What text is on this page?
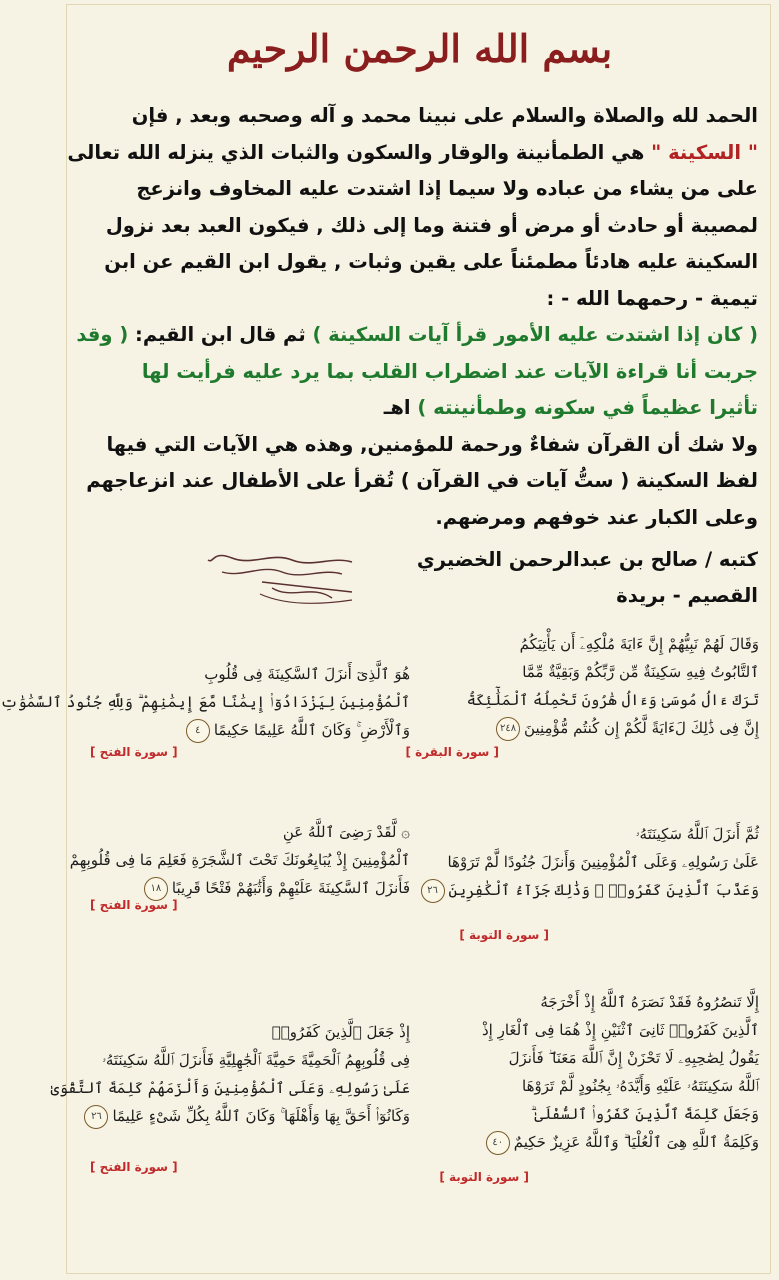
بسم الله الرحمن الرحيم
الحمد لله والصلاة والسلام على نبينا محمد و آله وصحبه وبعد , فإن
" السكينة " هي الطمأنينة والوقار والسكون والثبات الذي ينزله الله تعالى
على من يشاء من عباده ولا سيما إذا اشتدت عليه المخاوف وانزعج
لمصيبة أو حادث أو مرض أو فتنة وما إلى ذلك , فيكون العبد بعد نزول
السكينة عليه هادئاً مطمئناً على يقين وثبات , يقول ابن القيم عن ابن
تيمية - رحمهما الله - :
( كان إذا اشتدت عليه الأمور قرأ آيات السكينة ) ثم قال ابن القيم: ( وقد
جربت أنا قراءة الآيات عند اضطراب القلب بما يرد عليه فرأيت لها
تأثيرا عظيماً في سكونه وطمأنينته ) اهـ
ولا شك أن القرآن شفاءٌ ورحمة للمؤمنين, وهذه هي الآيات التي فيها
لفظ السكينة ( ستُّ آيات في القرآن ) تُقرأ على الأطفال عند انزعاجهم
وعلى الكبار عند خوفهم ومرضهم.
كتبه / صالح بن عبدالرحمن الخضيري
القصيم - بريدة
وَقَالَ لَهُمْ نَبِيُّهُمْ إِنَّ ءَايَةَ مُلْكِهِۦٓ أَن يَأْتِيَكُمُ
ٱلتَّابُوتُ فِيهِ سَكِينَةٌ مِّن رَّبِّكُمْ وَبَقِيَّةٌ مِّمَّا
تَرَكَ ءَالُ مُوسَىٰ وَءَالُ هَٰرُونَ تَحْمِلُهُ ٱلْمَلَٰٓئِكَةُ
إِنَّ فِى ذَٰلِكَ لَءَايَةً لَّكُمْ إِن كُنتُم مُّؤْمِنِينَ٢٤٨
[ سورة البقرة ]
هُوَ ٱلَّذِىٓ أَنزَلَ ٱلسَّكِينَةَ فِى قُلُوبِ
ٱلْمُؤْمِنِينَ لِيَزْدَادُوٓا۟ إِيمَٰنًا مَّعَ إِيمَٰنِهِمْ ۗ وَلِلَّهِ جُنُودُ ٱلسَّمَٰوَٰتِ
وَٱلْأَرْضِ ۚ وَكَانَ ٱللَّهُ عَلِيمًا حَكِيمًا٤
[ سورة الفتح ]
ثُمَّ أَنزَلَ ٱللَّهُ سَكِينَتَهُۥ
عَلَىٰ رَسُولِهِۦ وَعَلَى ٱلْمُؤْمِنِينَ وَأَنزَلَ جُنُودًا لَّمْ تَرَوْهَا
وَعَذَّبَ ٱلَّذِينَ كَفَرُوا۟ ۚ وَذَٰلِكَ جَزَآءُ ٱلْكَٰفِرِينَ٢٦
[ سورة التوبة ]
۞ لَّقَدْ رَضِىَ ٱللَّهُ عَنِ
ٱلْمُؤْمِنِينَ إِذْ يُبَايِعُونَكَ تَحْتَ ٱلشَّجَرَةِ فَعَلِمَ مَا فِى قُلُوبِهِمْ
فَأَنزَلَ ٱلسَّكِينَةَ عَلَيْهِمْ وَأَثَٰبَهُمْ فَتْحًا قَرِيبًا١٨
[ سورة الفتح ]
إِلَّا تَنصُرُوهُ فَقَدْ نَصَرَهُ ٱللَّهُ إِذْ أَخْرَجَهُ
ٱلَّذِينَ كَفَرُوا۟ ثَانِىَ ٱثْنَيْنِ إِذْ هُمَا فِى ٱلْغَارِ إِذْ
يَقُولُ لِصَٰحِبِهِۦ لَا تَحْزَنْ إِنَّ ٱللَّهَ مَعَنَا ۖ فَأَنزَلَ
ٱللَّهُ سَكِينَتَهُۥ عَلَيْهِ وَأَيَّدَهُۥ بِجُنُودٍ لَّمْ تَرَوْهَا
وَجَعَلَ كَلِمَةَ ٱلَّذِينَ كَفَرُوا۟ ٱلسُّفْلَىٰ ۗ
وَكَلِمَةُ ٱللَّهِ هِىَ ٱلْعُلْيَا ۗ وَٱللَّهُ عَزِيزٌ حَكِيمٌ٤٠
[ سورة التوبة ]
إِذْ جَعَلَ ٱلَّذِينَ كَفَرُوا۟
فِى قُلُوبِهِمُ ٱلْحَمِيَّةَ حَمِيَّةَ ٱلْجَٰهِلِيَّةِ فَأَنزَلَ ٱللَّهُ سَكِينَتَهُۥ
عَلَىٰ رَسُولِهِۦ وَعَلَى ٱلْمُؤْمِنِينَ وَأَلْزَمَهُمْ كَلِمَةَ ٱلتَّقْوَىٰ
وَكَانُوٓا۟ أَحَقَّ بِهَا وَأَهْلَهَا ۚ وَكَانَ ٱللَّهُ بِكُلِّ شَىْءٍ عَلِيمًا٢٦
[ سورة الفتح ]
